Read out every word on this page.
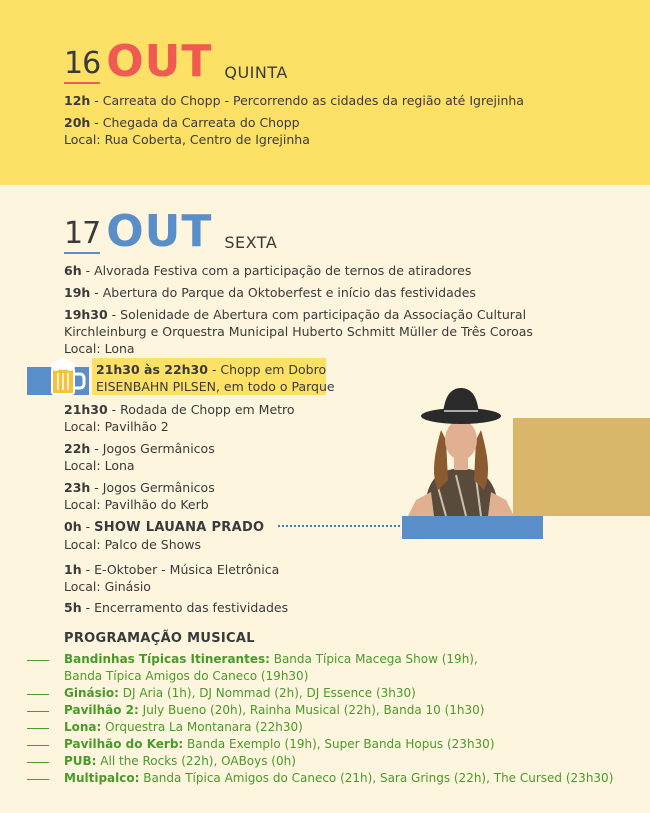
16 OUT QUINTA
12h - Carreata do Chopp - Percorrendo as cidades da região até Igrejinha
20h - Chegada da Carreata do Chopp
Local: Rua Coberta, Centro de Igrejinha
17 OUT SEXTA
6h - Alvorada Festiva com a participação de ternos de atiradores
19h - Abertura do Parque da Oktoberfest e início das festividades
19h30 - Solenidade de Abertura com participação da Associação Cultural
Kirchleinburg e Orquestra Municipal Huberto Schmitt Müller de Três Coroas
Local: Lona
21h30 às 22h30 - Chopp em Dobro
EISENBAHN PILSEN, em todo o Parque
21h30 - Rodada de Chopp em Metro
Local: Pavilhão 2
22h - Jogos Germânicos
Local: Lona
23h - Jogos Germânicos
Local: Pavilhão do Kerb
0h - SHOW LAUANA PRADO
Local: Palco de Shows
1h - E-Oktober - Música Eletrônica
Local: Ginásio
5h - Encerramento das festividades
PROGRAMAÇÃO MUSICAL
Bandinhas Típicas Itinerantes: Banda Típica Macega Show (19h),
Banda Típica Amigos do Caneco (19h30)
Ginásio: DJ Aria (1h), DJ Nommad (2h), DJ Essence (3h30)
Pavilhão 2: July Bueno (20h), Rainha Musical (22h), Banda 10 (1h30)
Lona: Orquestra La Montanara (22h30)
Pavilhão do Kerb: Banda Exemplo (19h), Super Banda Hopus (23h30)
PUB: All the Rocks (22h), OABoys (0h)
Multipalco: Banda Típica Amigos do Caneco (21h), Sara Grings (22h), The Cursed (23h30)
